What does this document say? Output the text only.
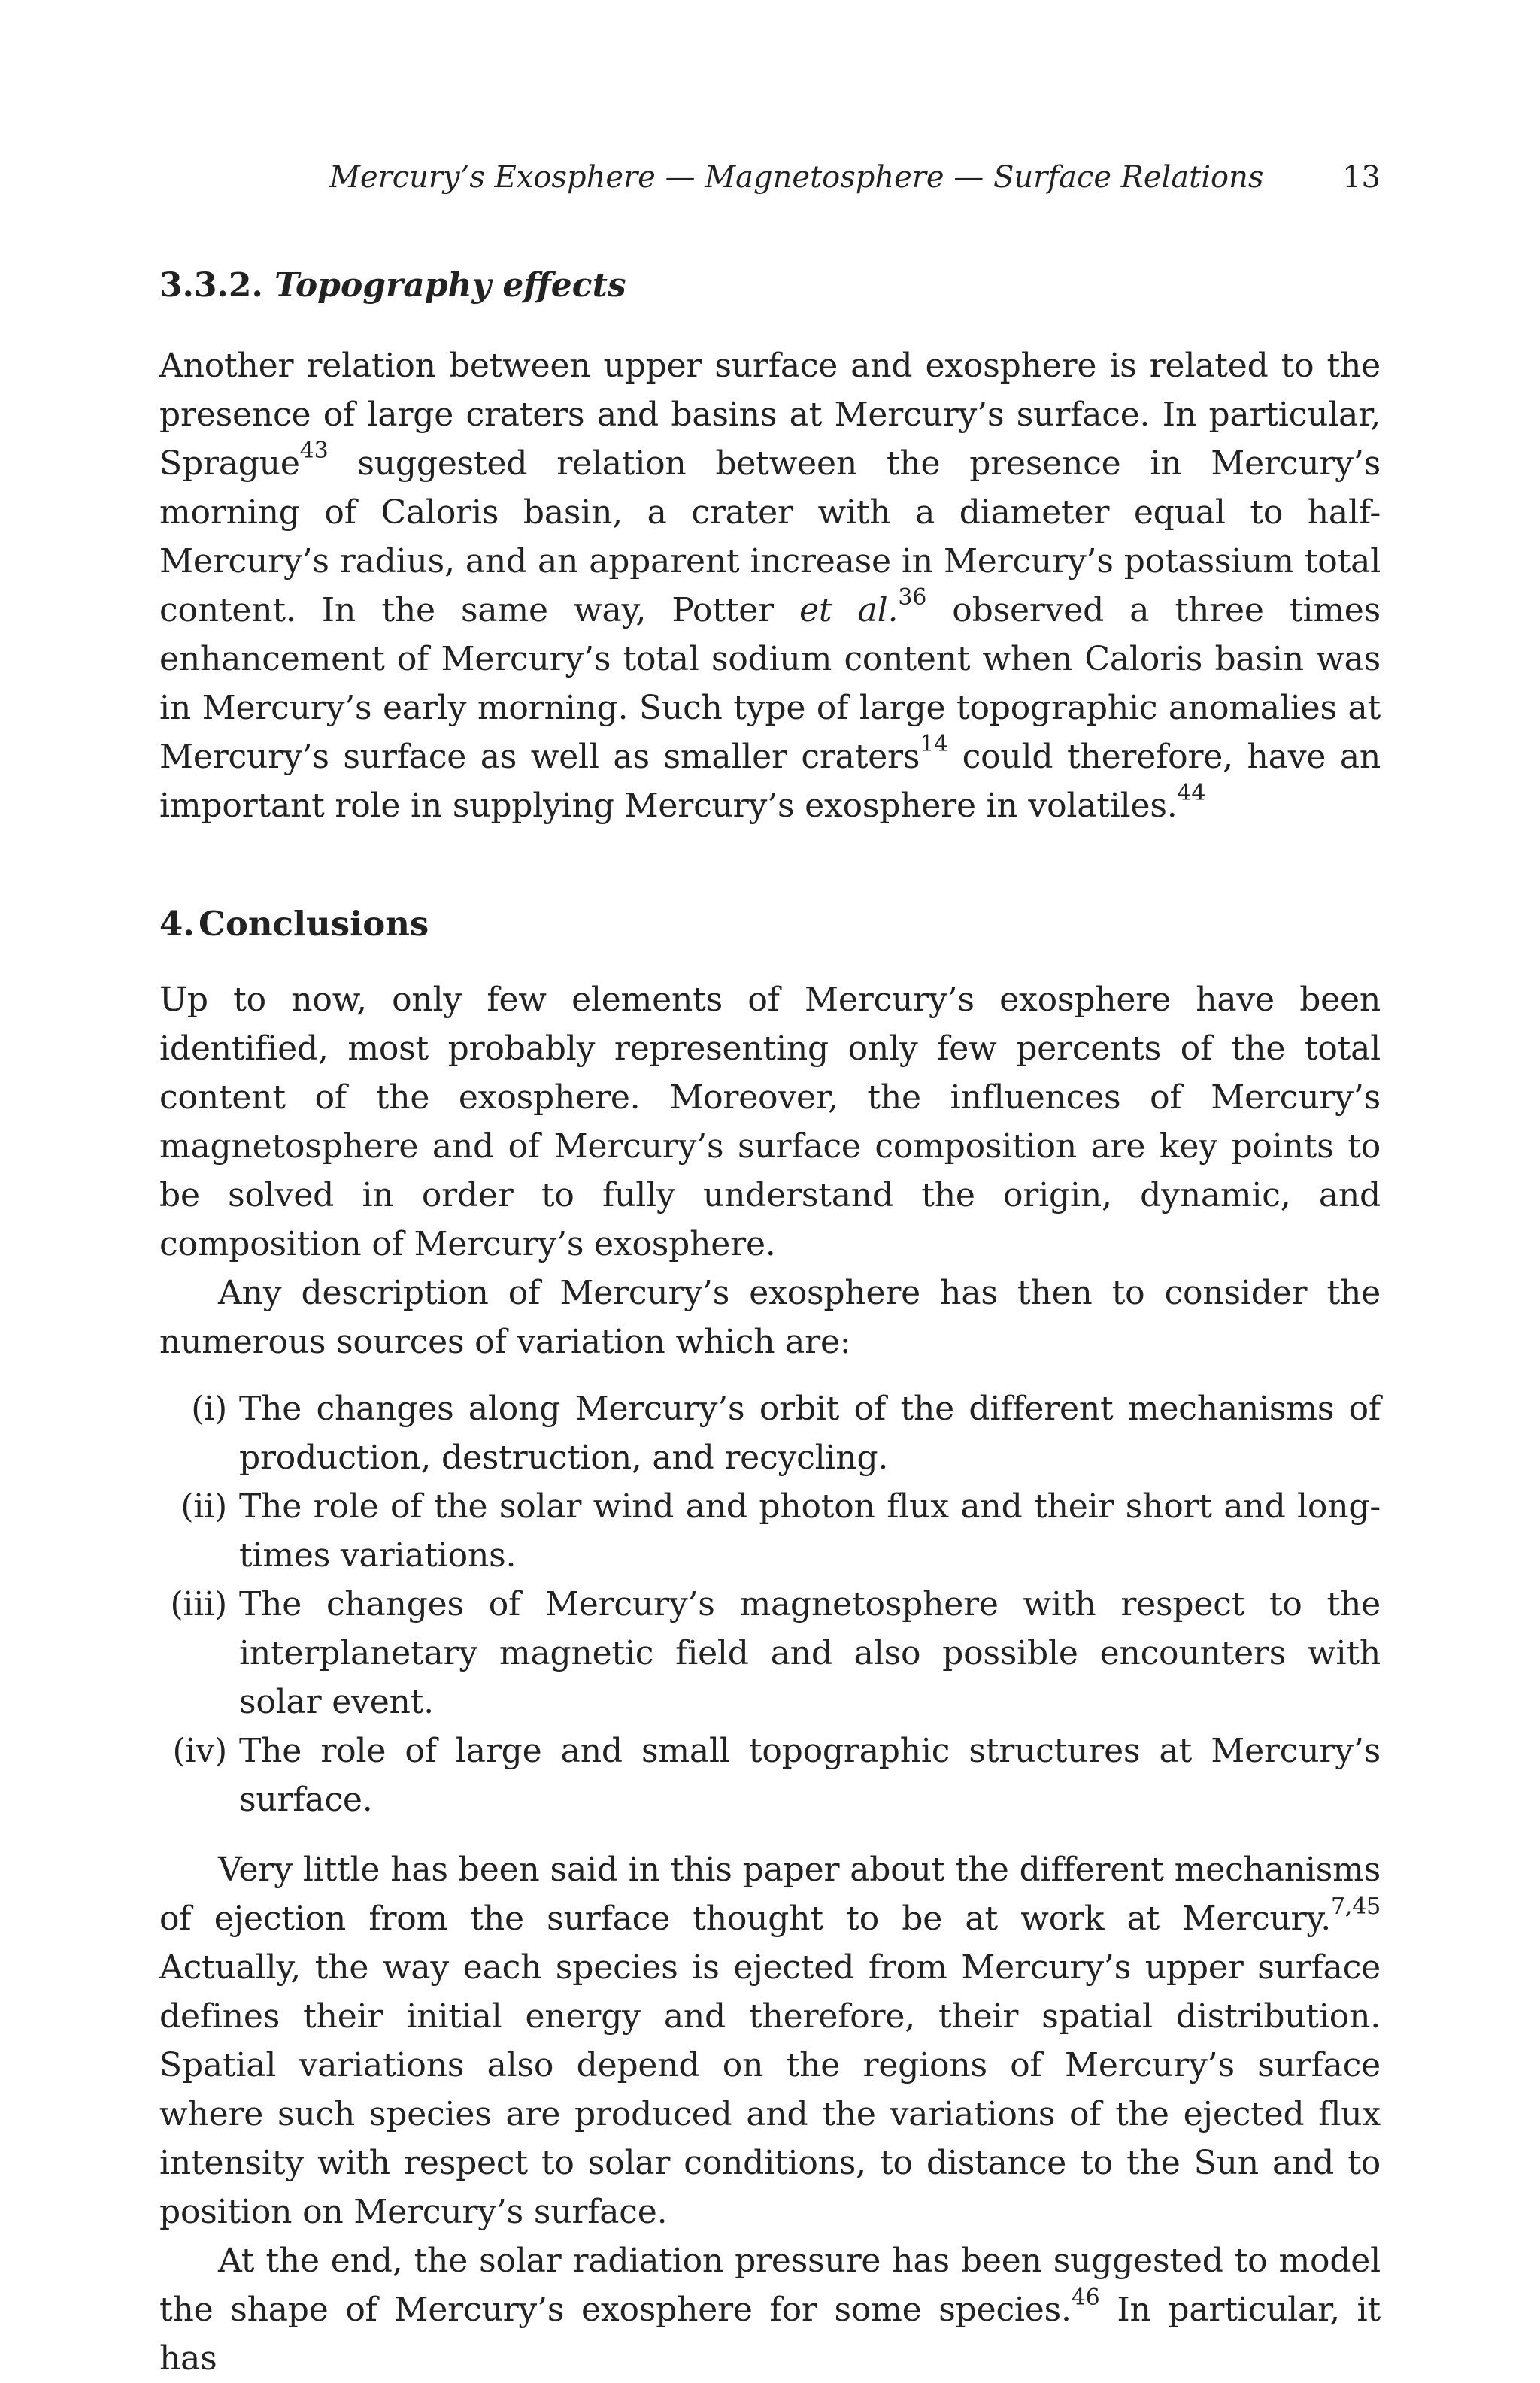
Mercury’s Exosphere — Magnetosphere — Surface Relations	13
3.3.2. Topography effects

Another relation between upper surface and exosphere is related to the presence of large craters and basins at Mercury’s surface. In particular, Sprague$^{43}$ suggested relation between the presence in Mercury’s morning of Caloris basin, a crater with a diameter equal to half-Mercury’s radius, and an apparent increase in Mercury’s potassium total content. In the same way, Potter et al.$^{36}$ observed a three times enhancement of Mercury’s total sodium content when Caloris basin was in Mercury’s early morning. Such type of large topographic anomalies at Mercury’s surface as well as smaller craters$^{14}$ could therefore, have an important role in supplying Mercury’s exosphere in volatiles.$^{44}$

4. Conclusions

Up to now, only few elements of Mercury’s exosphere have been identified, most probably representing only few percents of the total content of the exosphere. Moreover, the influences of Mercury’s magnetosphere and of Mercury’s surface composition are key points to be solved in order to fully understand the origin, dynamic, and composition of Mercury’s exosphere.

Any description of Mercury’s exosphere has then to consider the numerous sources of variation which are:

(i) The changes along Mercury’s orbit of the different mechanisms of production, destruction, and recycling.
(ii) The role of the solar wind and photon flux and their short and long-times variations.
(iii) The changes of Mercury’s magnetosphere with respect to the interplanetary magnetic field and also possible encounters with solar event.
(iv) The role of large and small topographic structures at Mercury’s surface.

Very little has been said in this paper about the different mechanisms of ejection from the surface thought to be at work at Mercury.$^{7,45}$ Actually, the way each species is ejected from Mercury’s upper surface defines their initial energy and therefore, their spatial distribution. Spatial variations also depend on the regions of Mercury’s surface where such species are produced and the variations of the ejected flux intensity with respect to solar conditions, to distance to the Sun and to position on Mercury’s surface.

At the end, the solar radiation pressure has been suggested to model the shape of Mercury’s exosphere for some species.$^{46}$ In particular, it has
